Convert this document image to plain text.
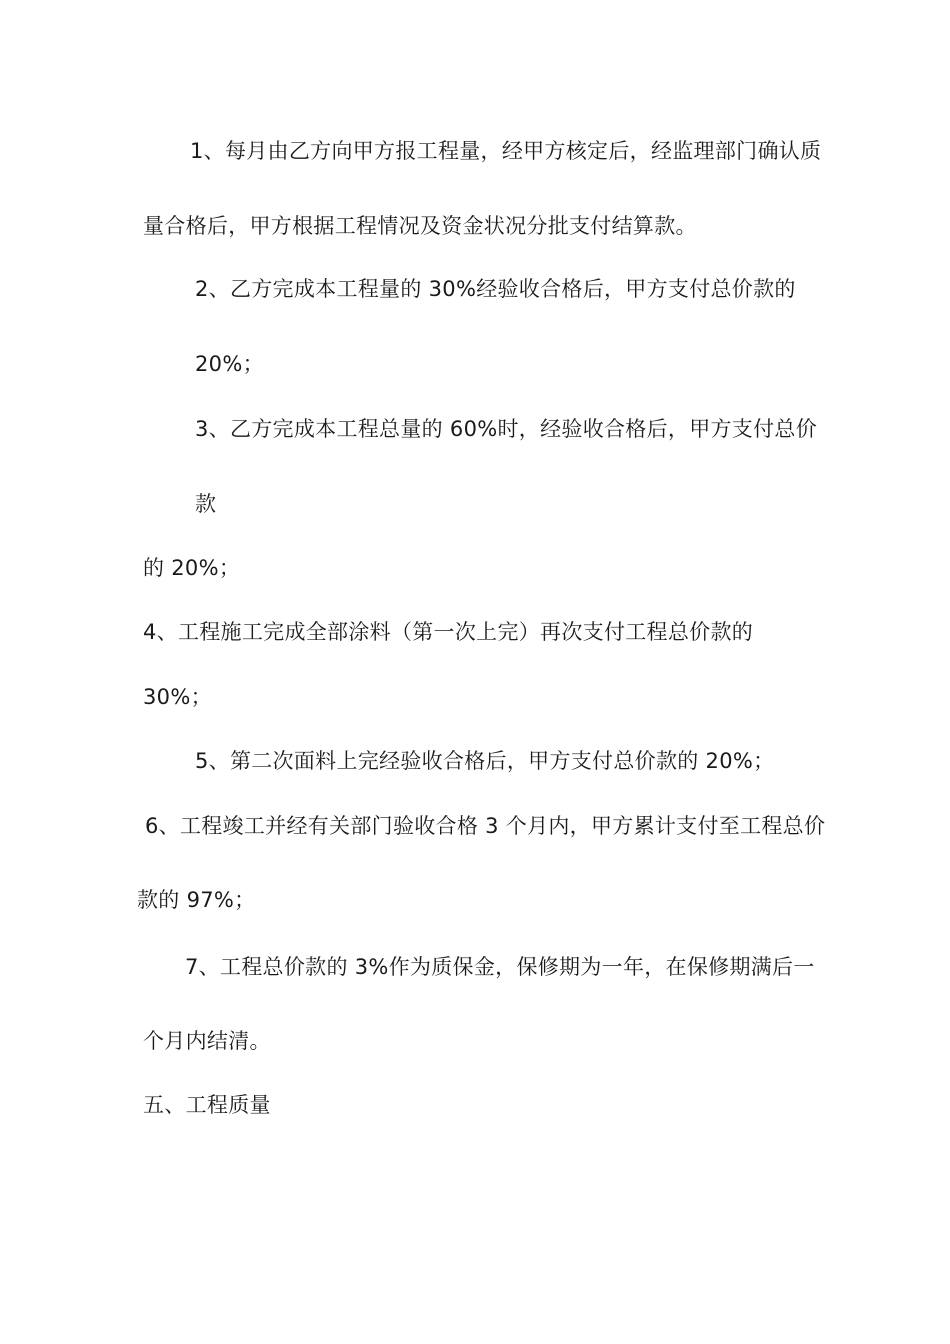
1、每月由乙方向甲方报工程量，经甲方核定后，经监理部门确认质
量合格后，甲方根据工程情况及资金状况分批支付结算款。
2、乙方完成本工程量的 30%经验收合格后，甲方支付总价款的
20%；
3、乙方完成本工程总量的 60%时，经验收合格后，甲方支付总价
款
的 20%；
4、工程施工完成全部涂料（第一次上完）再次支付工程总价款的
30%；
5、第二次面料上完经验收合格后，甲方支付总价款的 20%；
6、工程竣工并经有关部门验收合格 3 个月内，甲方累计支付至工程总价
款的 97%；
7、工程总价款的 3%作为质保金，保修期为一年，在保修期满后一
个月内结清。
五、工程质量
